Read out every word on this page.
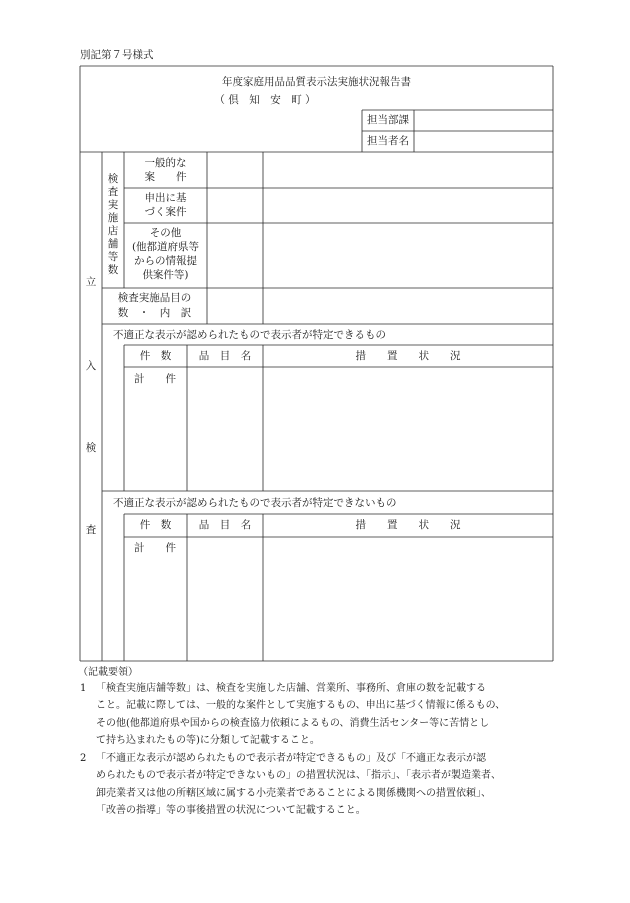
別記第７号様式
年度家庭用品品質表示法実施状況報告書
（ 倶　知　安　町 ）
担当部課
担当者名
立
入
検
査
検
査
実
施
店
舗
等
数
一般的な
案　　件
申出に基
づく案件
その他
(他都道府県等
からの情報提
供案件等)
検査実施品目の
数　・　内　訳
不適正な表示が認められたもので表示者が特定できるもの
件　数	品　目　名	措　　置　　状　　況
計　　件
不適正な表示が認められたもので表示者が特定できないもの
件　数	品　目　名	措　　置　　状　　況
計　　件
（記載要領）
1 「検査実施店舗等数」は、検査を実施した店舗、営業所、事務所、倉庫の数を記載する
こと。記載に際しては、一般的な案件として実施するもの、申出に基づく情報に係るもの、
その他(他都道府県や国からの検査協力依頼によるもの、消費生活センター等に苦情とし
て持ち込まれたもの等)に分類して記載すること。
2 「不適正な表示が認められたもので表示者が特定できるもの」及び「不適正な表示が認
められたもので表示者が特定できないもの」の措置状況は、「指示」、「表示者が製造業者、
卸売業者又は他の所轄区域に属する小売業者であることによる関係機関への措置依頼」、
「改善の指導」等の事後措置の状況について記載すること。
